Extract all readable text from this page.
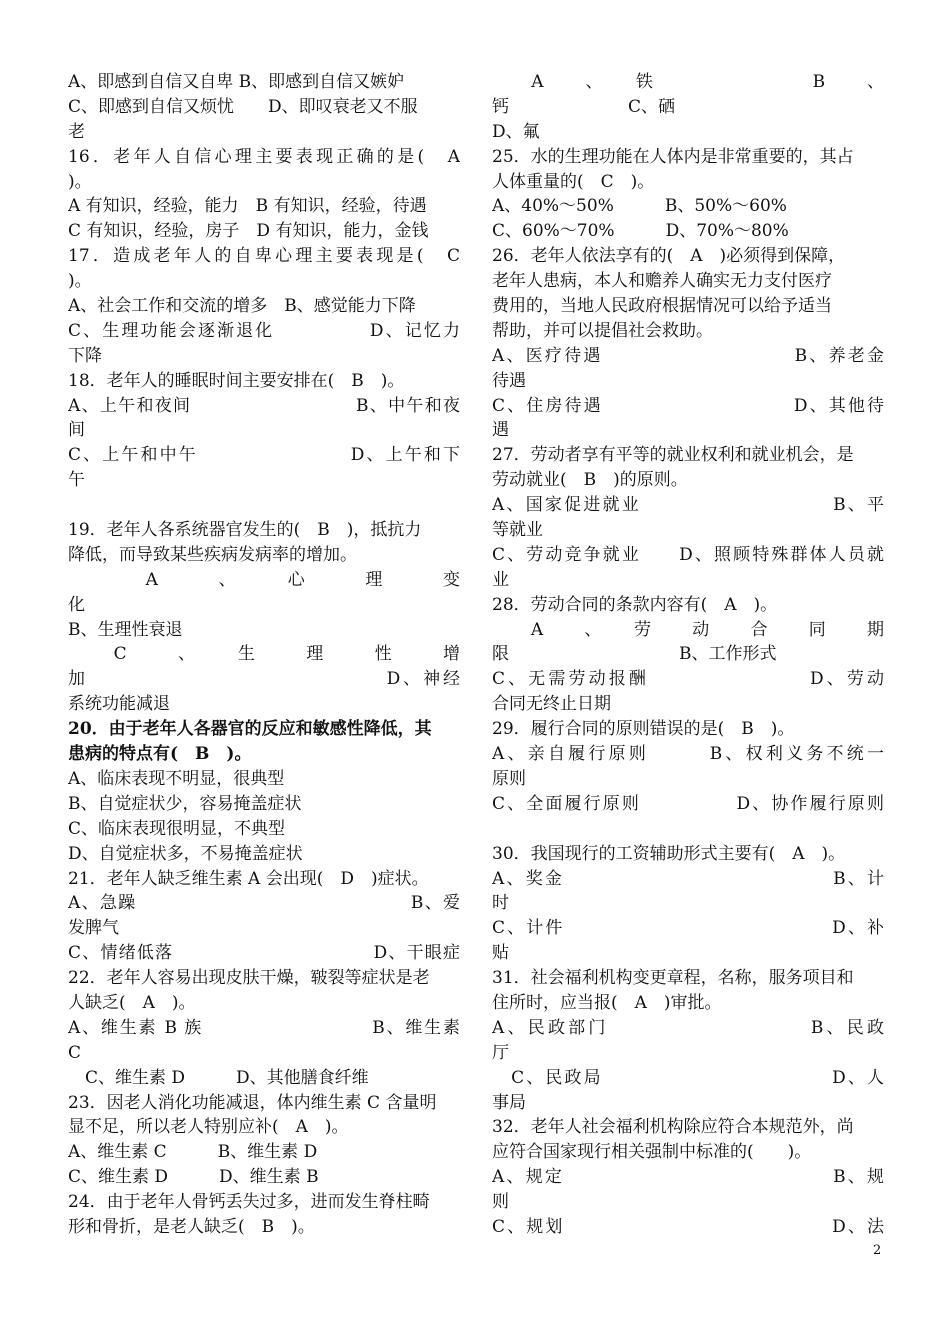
A、即感到自信又自卑 B、即感到自信又嫉妒
C、即感到自信又烦忧　　D、即叹衰老又不服
老
16．老年人自信心理主要表现正确的是(　A
)。
A 有知识，经验，能力　B 有知识，经验，待遇
C 有知识，经验，房子　D 有知识，能力，金钱
17．造成老年人的自卑心理主要表现是(　C
)。
A、社会工作和交流的增多　B、感觉能力下降
C、生理功能会逐渐退化　　　　　D、记忆力
下降
18．老年人的睡眠时间主要安排在(　B　)。
A、上午和夜间　　　　　　　　　B、中午和夜
间
C、上午和中午　　　　　　　　D、上午和下
午
19．老年人各系统器官发生的(　B　)，抵抗力
降低，而导致某些疾病发病率的增加。
　　　A　　、　　心　　理　　变
化
B、生理性衰退
　　C　　、　　生　　理　　性　　增
加　　　　　　　　　　　　　　　D、神经
系统功能减退
20．由于老年人各器官的反应和敏感性降低，其
患病的特点有(　B　)。
A、临床表现不明显，很典型
B、自觉症状少，容易掩盖症状
C、临床表现很明显，不典型
D、自觉症状多，不易掩盖症状
21．老年人缺乏维生素 A 会出现(　D　)症状。
A、急躁　　　　　　　　　　　　　　　B、爱
发脾气
C、情绪低落　　　　　　　　　　　D、干眼症
22．老年人容易出现皮肤干燥，皲裂等症状是老
人缺乏(　A　)。
A、维生素 B 族　　　　　　　　　B、维生素
C
　C、维生素 D　　　D、其他膳食纤维
23．因老人消化功能减退，体内维生素 C 含量明
显不足，所以老人特别应补(　A　)。
A、维生素 C　　　B、维生素 D
C、维生素 D　　　D、维生素 B
24．由于老年人骨钙丢失过多，进而发生脊柱畸
形和骨折，是老人缺乏(　B　)。
　　A　　、　　铁　　　　　　　　B　　、
钙　　　　　　　C、硒
D、氟
25．水的生理功能在人体内是非常重要的，其占
人体重量的(　C　)。
A、40%～50%　　　B、50%～60%
C、60%～70%　　　D、70%～80%
26．老年人依法享有的(　A　)必须得到保障，
老年人患病，本人和赡养人确实无力支付医疗
费用的，当地人民政府根据情况可以给予适当
帮助，并可以提倡社会救助。
A、医疗待遇　　　　　　　　　　B、养老金
待遇
C、住房待遇　　　　　　　　　　D、其他待
遇
27．劳动者享有平等的就业权利和就业机会，是
劳动就业(　B　)的原则。
A、国家促进就业　　　　　　　　　　B、平
等就业
C、劳动竞争就业　　D、照顾特殊群体人员就
业
28．劳动合同的条款内容有(　A　)。
　　A　　、　　劳　　动　　合　　同　　期
限　　　　　　　　　　B、工作形式
C、无需劳动报酬　　　　　　　　D、劳动
合同无终止日期
29．履行合同的原则错误的是(　B　)。
A、亲自履行原则　　　B、权利义务不统一
原则
C、全面履行原则　　　　　D、协作履行原则
30．我国现行的工资辅助形式主要有(　A　)。
A、奖金　　　　　　　　　　　　　　B、计
时
C、计件　　　　　　　　　　　　　　D、补
贴
31．社会福利机构变更章程，名称，服务项目和
住所时，应当报(　A　)审批。
A、民政部门　　　　　　　　　　B、民政
厅
　C、民政局　　　　　　　　　　　　D、人
事局
32．老年人社会福利机构除应符合本规范外，尚
应符合国家现行相关强制中标准的(　　)。
A、规定　　　　　　　　　　　　　　B、规
则
C、规划　　　　　　　　　　　　　　D、法
2
